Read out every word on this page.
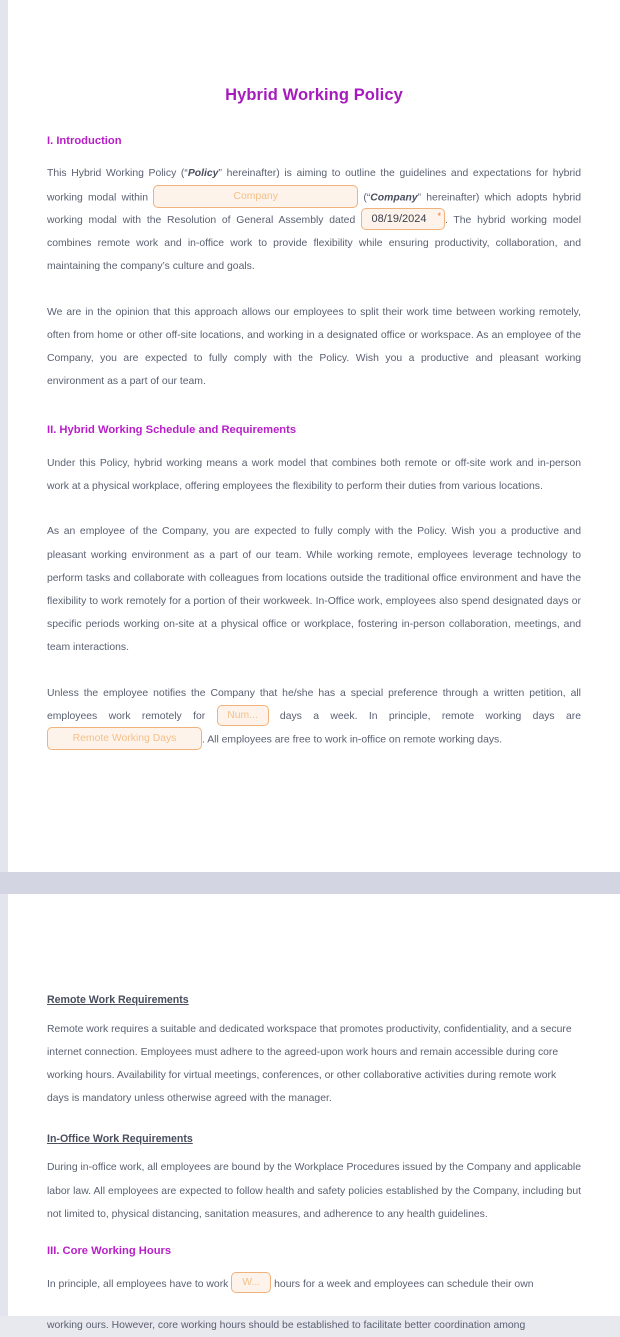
Hybrid Working Policy
I. Introduction

This Hybrid Working Policy (“Policy” hereinafter) is aiming to outline the guidelines and expectations for hybrid working modal within	Company	(“Company” hereinafter) which adopts hybrid working modal with the Resolution of General Assembly dated 08/19/2024 * . The hybrid working model combines remote work and in-office work to provide flexibility while ensuring productivity, collaboration, and maintaining the company’s culture and goals.

We are in the opinion that this approach allows our employees to split their work time between working remotely, often from home or other off-site locations, and working in a designated office or workspace. As an employee of the Company, you are expected to fully comply with the Policy. Wish you a productive and pleasant working environment as a part of our team.

II. Hybrid Working Schedule and Requirements

Under this Policy, hybrid working means a work model that combines both remote or off-site work and in-person work at a physical workplace, offering employees the flexibility to perform their duties from various locations.

As an employee of the Company, you are expected to fully comply with the Policy. Wish you a productive and pleasant working environment as a part of our team. While working remote, employees leverage technology to perform tasks and collaborate with colleagues from locations outside the traditional office environment and have the flexibility to work remotely for a portion of their workweek. In-Office work, employees also spend designated days or specific periods working on-site at a physical office or workplace, fostering in-person collaboration, meetings, and team interactions.

Unless the employee notifies the Company that he/she has a special preference through a written petition, all employees work remotely for Num... days a week. In principle, remote working days are Remote Working Days . All employees are free to work in-office on remote working days.

Remote Work Requirements

Remote work requires a suitable and dedicated workspace that promotes productivity, confidentiality, and a secure internet connection. Employees must adhere to the agreed-upon work hours and remain accessible during core working hours. Availability for virtual meetings, conferences, or other collaborative activities during remote work days is mandatory unless otherwise agreed with the manager.

In-Office Work Requirements

During in-office work, all employees are bound by the Workplace Procedures issued by the Company and applicable labor law. All employees are expected to follow health and safety policies established by the Company, including but not limited to, physical distancing, sanitation measures, and adherence to any health guidelines.

III. Core Working Hours

In principle, all employees have to work W... hours for a week and employees can schedule their own

working ours. However, core working hours should be established to facilitate better coordination among
